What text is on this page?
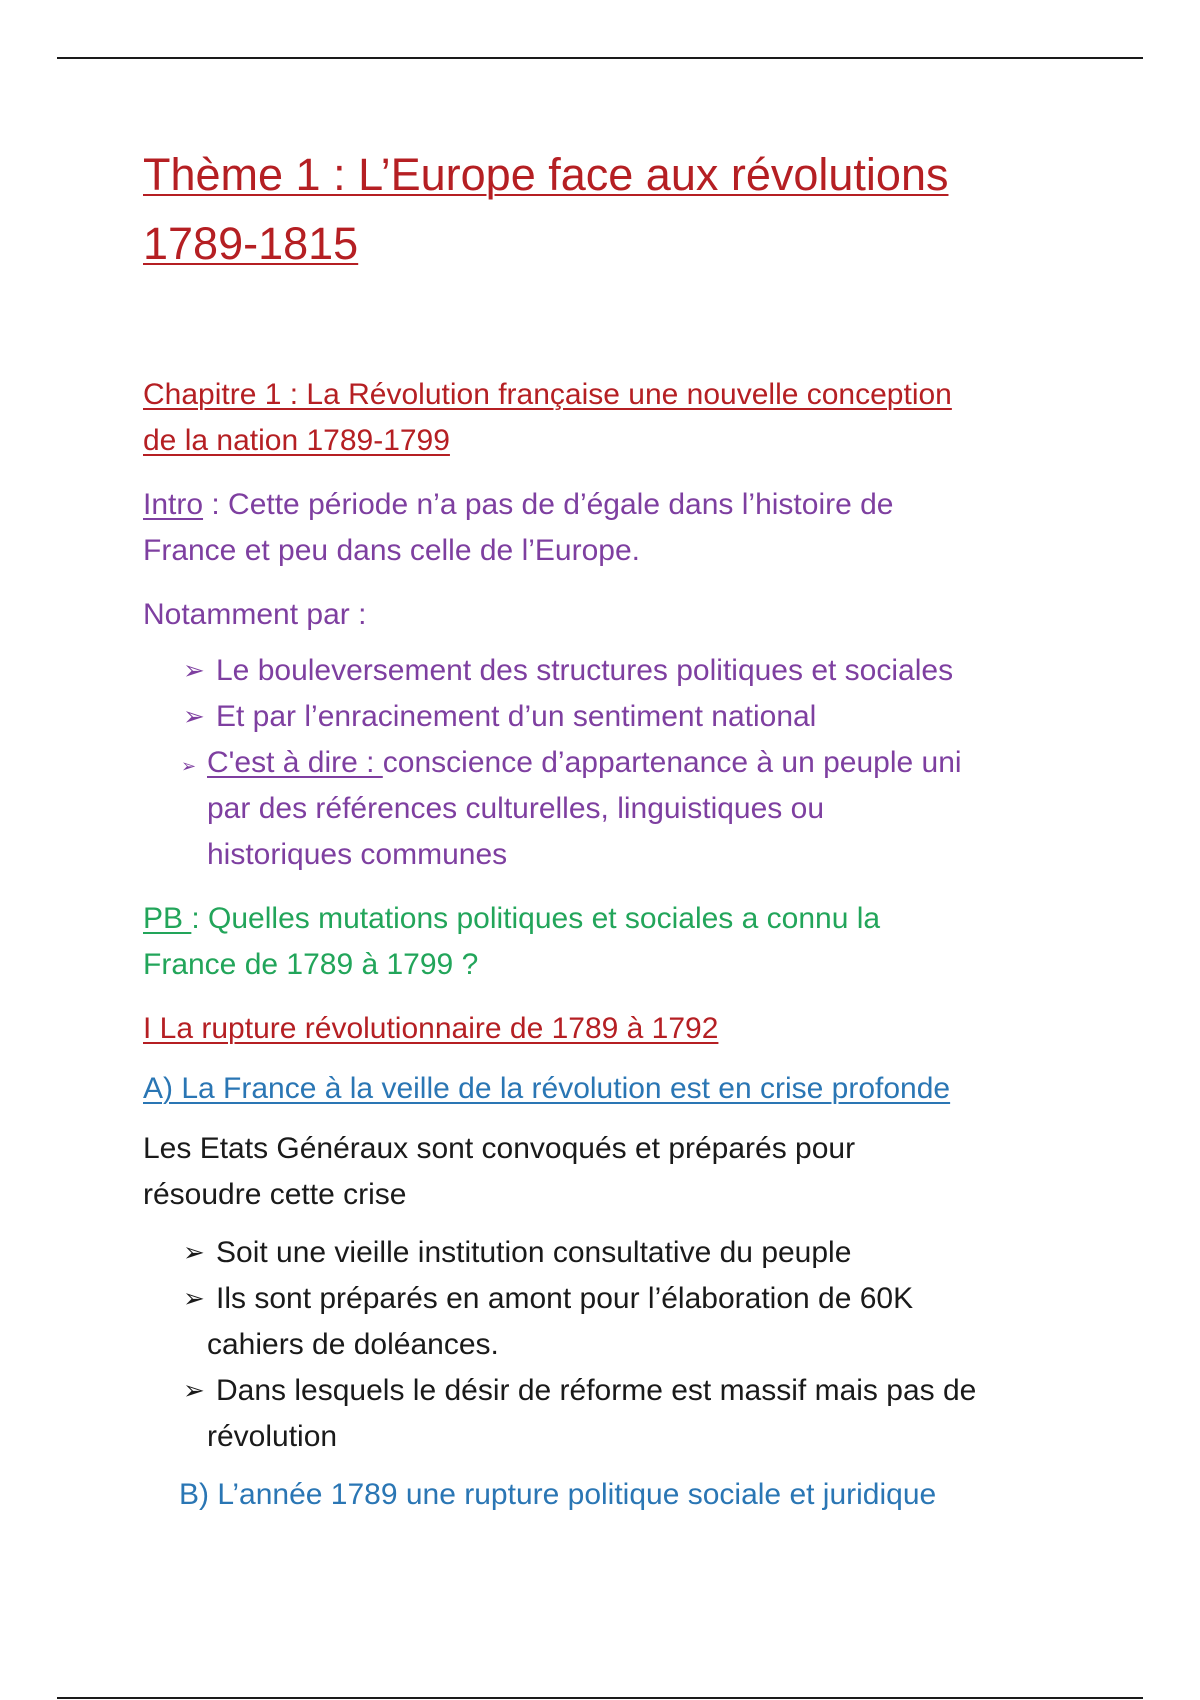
Thème 1 : L’Europe face aux révolutions
1789-1815
Chapitre 1 : La Révolution française une nouvelle conception
de la nation 1789-1799

Intro : Cette période n’a pas de d’égale dans l’histoire de
France et peu dans celle de l’Europe.

Notamment par :

➢ Le bouleversement des structures politiques et sociales
➢ Et par l’enracinement d’un sentiment national
➢ C'est à dire : conscience d’appartenance à un peuple uni
par des références culturelles, linguistiques ou
historiques communes

PB : Quelles mutations politiques et sociales a connu la
France de 1789 à 1799 ?

I La rupture révolutionnaire de 1789 à 1792

A) La France à la veille de la révolution est en crise profonde

Les Etats Généraux sont convoqués et préparés pour
résoudre cette crise

➢ Soit une vieille institution consultative du peuple
➢ Ils sont préparés en amont pour l’élaboration de 60K

cahiers de doléances.
➢ Dans lesquels le désir de réforme est massif mais pas de

révolution

B) L’année 1789 une rupture politique sociale et juridique
